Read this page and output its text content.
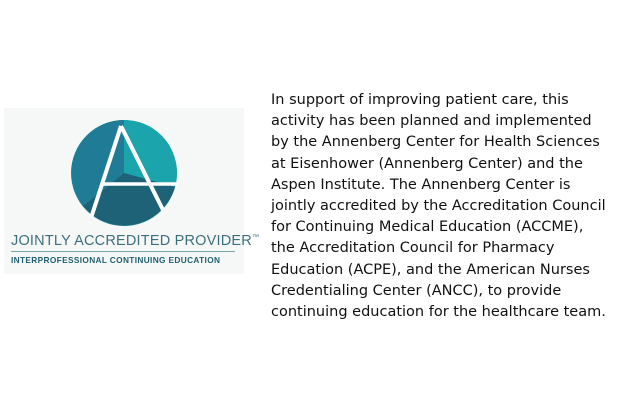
JOINTLY ACCREDITED PROVIDER™
INTERPROFESSIONAL CONTINUING EDUCATION

In support of improving patient care, this activity has been planned and implemented by the Annenberg Center for Health Sciences at Eisenhower (Annenberg Center) and the Aspen Institute. The Annenberg Center is jointly accredited by the Accreditation Council for Continuing Medical Education (ACCME), the Accreditation Council for Pharmacy Education (ACPE), and the American Nurses Credentialing Center (ANCC), to provide continuing education for the healthcare team.
